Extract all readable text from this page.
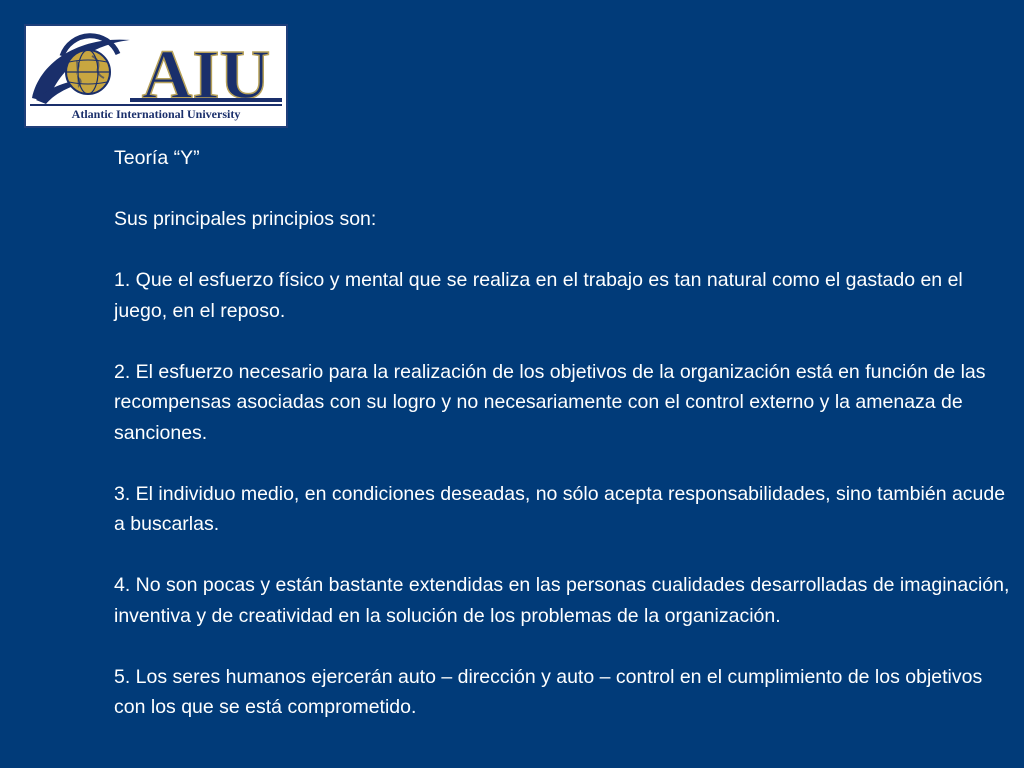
AIU
Atlantic International University

Teoría “Y”

Sus principales principios son:

1. Que el esfuerzo físico y mental que se realiza en el trabajo es tan natural como el gastado en el juego, en el reposo.

2. El esfuerzo necesario para la realización de los objetivos de la organización está en función de las recompensas asociadas con su logro y no necesariamente con el control externo y la amenaza de sanciones.

3. El individuo medio, en condiciones deseadas, no sólo acepta responsabilidades, sino también acude a buscarlas.

4. No son pocas y están bastante extendidas en las personas cualidades desarrolladas de imaginación, inventiva y de creatividad en la solución de los problemas de la organización.

5. Los seres humanos ejercerán auto – dirección y auto – control en el cumplimiento de los objetivos con los que se está comprometido.
